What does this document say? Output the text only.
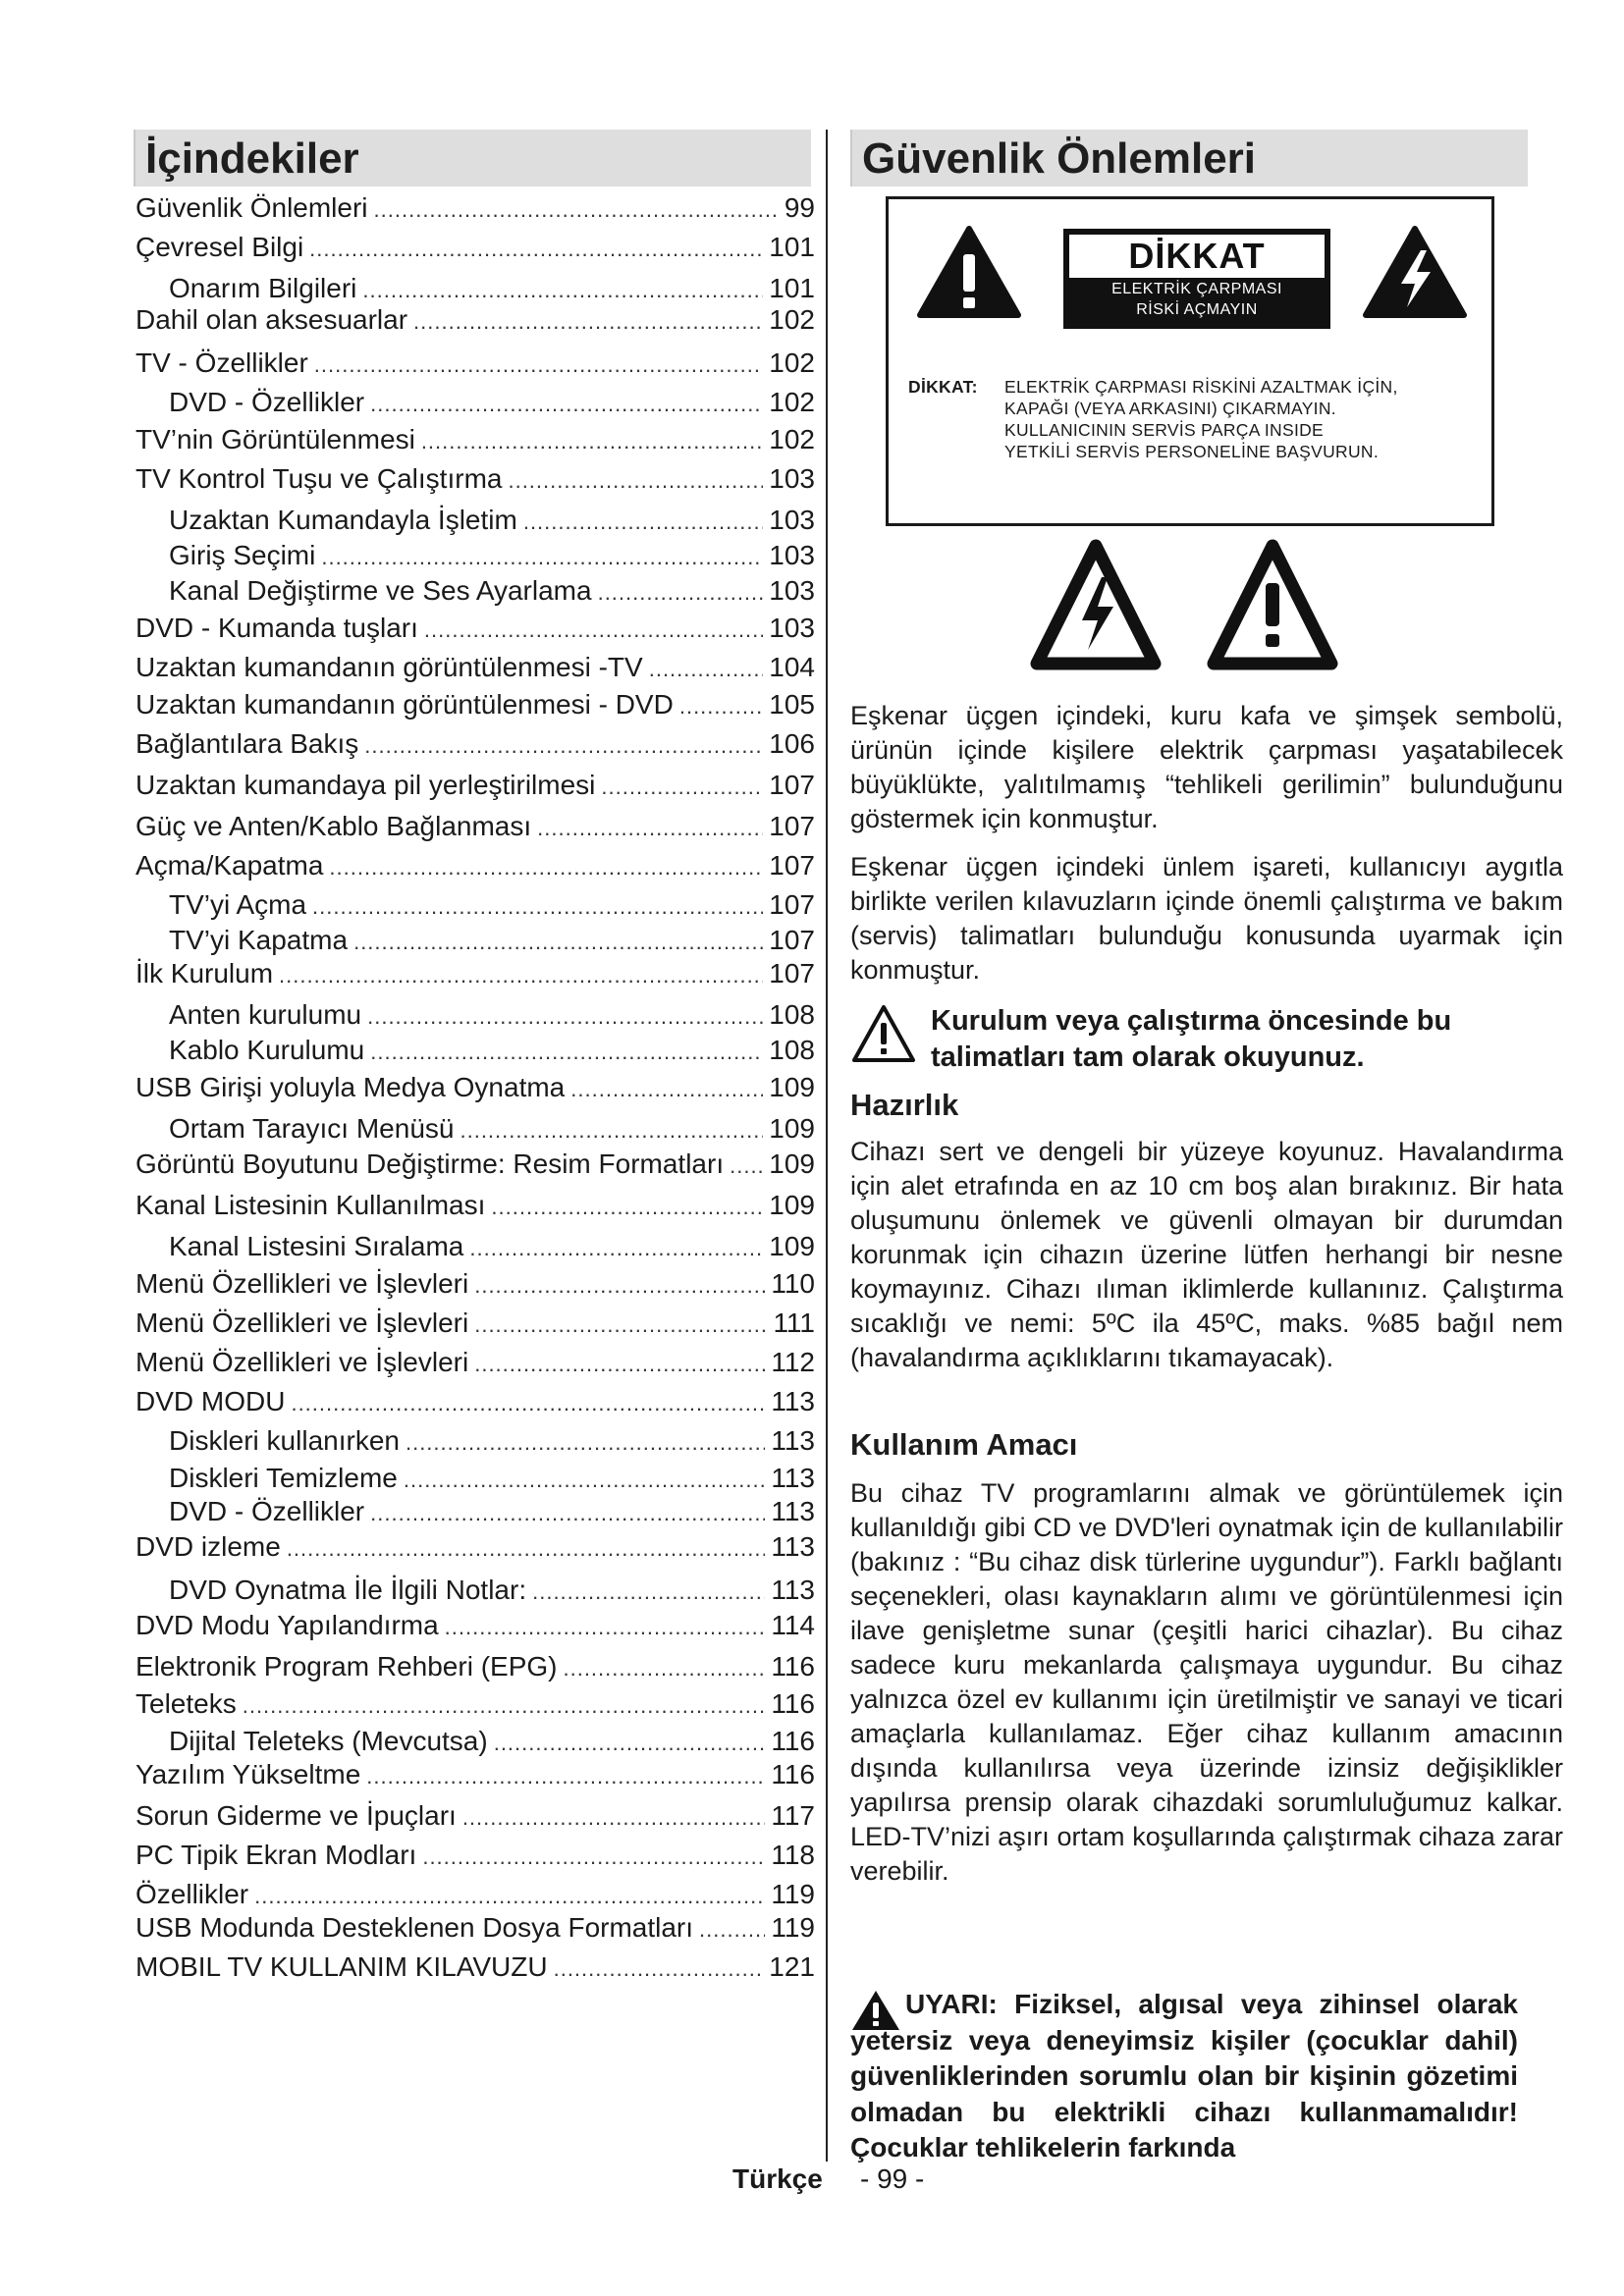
İçindekiler
Güvenlik Önlemleri .....	99
Çevresel Bilgi .....	101
Onarım Bilgileri .....	101
Dahil olan aksesuarlar .....	102
TV - Özellikler .....	102
DVD - Özellikler .....	102
TV’nin Görüntülenmesi .....	102
TV Kontrol Tuşu ve Çalıştırma .....	103
Uzaktan Kumandayla İşletim .....	103
Giriş Seçimi .....	103
Kanal Değiştirme ve Ses Ayarlama .....	103
DVD - Kumanda tuşları .....	103
Uzaktan kumandanın görüntülenmesi -TV .....	104
Uzaktan kumandanın görüntülenmesi - DVD .....	105
Bağlantılara Bakış .....	106
Uzaktan kumandaya pil yerleştirilmesi .....	107
Güç ve Anten/Kablo Bağlanması .....	107
Açma/Kapatma .....	107
TV’yi Açma .....	107
TV’yi Kapatma .....	107
İlk Kurulum .....	107
Anten kurulumu .....	108
Kablo Kurulumu .....	108
USB Girişi yoluyla Medya Oynatma .....	109
Ortam Tarayıcı Menüsü .....	109
Görüntü Boyutunu Değiştirme: Resim Formatları ..... 109
Kanal Listesinin Kullanılması .....	109
Kanal Listesini Sıralama .....	109
Menü Özellikleri ve İşlevleri .....	110
Menü Özellikleri ve İşlevleri .....	111
Menü Özellikleri ve İşlevleri .....	112
DVD MODU .....	113
Diskleri kullanırken .....	113
Diskleri Temizleme .....	113
DVD - Özellikler .....	113
DVD izleme .....	113
DVD Oynatma İle İlgili Notlar: .....	113
DVD Modu Yapılandırma .....	114
Elektronik Program Rehberi (EPG) .....	116
Teleteks .....	116
Dijital Teleteks (Mevcutsa) .....	116
Yazılım Yükseltme .....	116
Sorun Giderme ve İpuçları .....	117
PC Tipik Ekran Modları .....	118
Özellikler .....	119
USB Modunda Desteklenen Dosya Formatları .....	119
MOBIL TV KULLANIM KILAVUZU .....	121
Güvenlik Önlemleri
DİKKAT
ELEKTRİK ÇARPMASI
RİSKİ AÇMAYIN
DİKKAT: ELEKTRİK ÇARPMASI RİSKİNİ AZALTMAK İÇİN,
KAPAĞI (VEYA ARKASINI) ÇIKARMAYIN.
KULLANICININ SERVİS PARÇA INSIDE
YETKİLİ SERVİS PERSONELİNE BAŞVURUN.

Eşkenar üçgen içindeki, kuru kafa ve şimşek sembolü, ürünün içinde kişilere elektrik çarpması yaşatabilecek büyüklükte, yalıtılmamış “tehlikeli gerilimin” bulunduğunu göstermek için konmuştur.

Eşkenar üçgen içindeki ünlem işareti, kullanıcıyı aygıtla birlikte verilen kılavuzların içinde önemli çalıştırma ve bakım (servis) talimatları bulunduğu konusunda uyarmak için konmuştur.

Kurulum veya çalıştırma öncesinde bu talimatları tam olarak okuyunuz.
Hazırlık

Cihazı sert ve dengeli bir yüzeye koyunuz. Havalandırma için alet etrafında en az 10 cm boş alan bırakınız. Bir hata oluşumunu önlemek ve güvenli olmayan bir durumdan korunmak için cihazın üzerine lütfen herhangi bir nesne koymayınız. Cihazı ılıman iklimlerde kullanınız. Çalıştırma sıcaklığı ve nemi: 5ºC ila 45ºC, maks. %85 bağıl nem (havalandırma açıklıklarını tıkamayacak).

Kullanım Amacı

Bu cihaz TV programlarını almak ve görüntülemek için kullanıldığı gibi CD ve DVD'leri oynatmak için de kullanılabilir (bakınız : “Bu cihaz disk türlerine uygundur”). Farklı bağlantı seçenekleri, olası kaynakların alımı ve görüntülenmesi için ilave genişletme sunar (çeşitli harici cihazlar). Bu cihaz sadece kuru mekanlarda çalışmaya uygundur. Bu cihaz yalnızca özel ev kullanımı için üretilmiştir ve sanayi ve ticari amaçlarla kullanılamaz. Eğer cihaz kullanım amacının dışında kullanılırsa veya üzerinde izinsiz değişiklikler yapılırsa prensip olarak cihazdaki sorumluluğumuz kalkar. LED-TV’nizi aşırı ortam koşullarında çalıştırmak cihaza zarar verebilir.

UYARI: Fiziksel, algısal veya zihinsel olarak yetersiz veya deneyimsiz kişiler (çocuklar dahil) güvenliklerinden sorumlu olan bir kişinin gözetimi olmadan bu elektrikli cihazı kullanmamalıdır!Çocuklar tehlikelerin farkında
Türkçe - 99 -
